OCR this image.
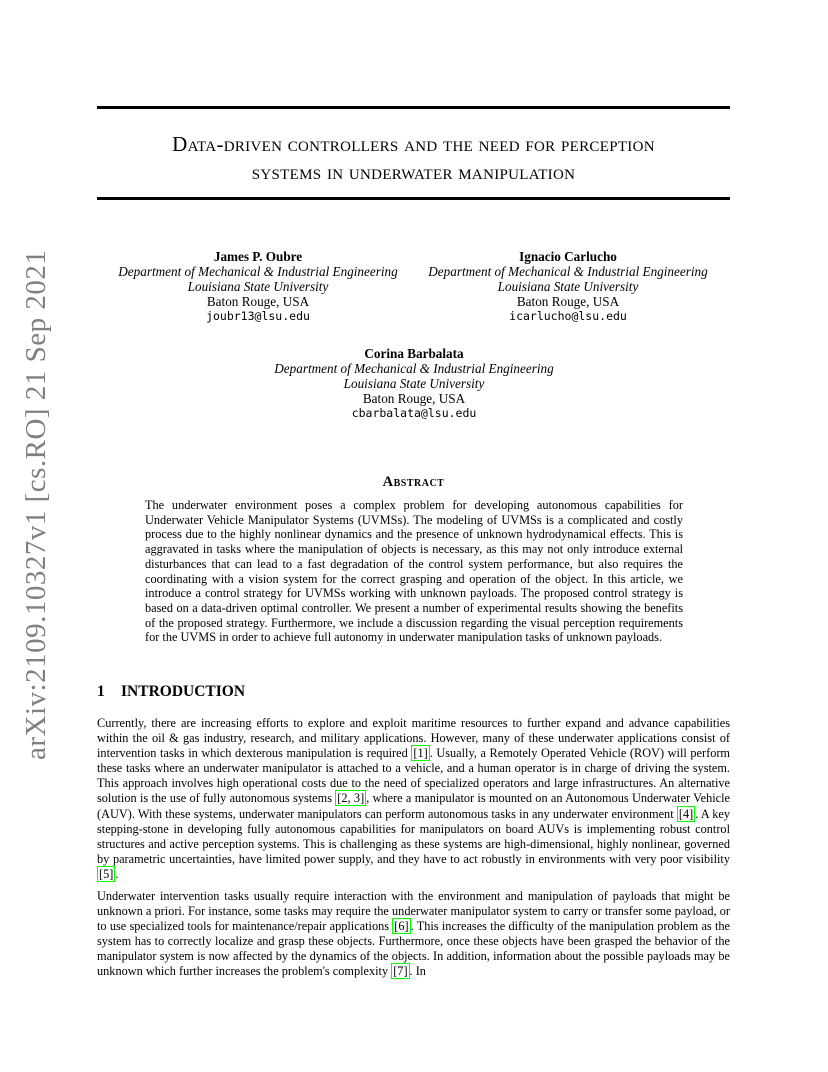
Data-driven controllers and the need for perception
systems in underwater manipulation
James P. Oubre
Department of Mechanical & Industrial Engineering
Louisiana State University
Baton Rouge, USA
joubr13@lsu.edu
Ignacio Carlucho
Department of Mechanical & Industrial Engineering
Louisiana State University
Baton Rouge, USA
icarlucho@lsu.edu
Corina Barbalata
Department of Mechanical & Industrial Engineering
Louisiana State University
Baton Rouge, USA
cbarbalata@lsu.edu
Abstract

The underwater environment poses a complex problem for developing autonomous capabilities for Underwater Vehicle Manipulator Systems (UVMSs). The modeling of UVMSs is a complicated and costly process due to the highly nonlinear dynamics and the presence of unknown hydrodynamical effects. This is aggravated in tasks where the manipulation of objects is necessary, as this may not only introduce external disturbances that can lead to a fast degradation of the control system performance, but also requires the coordinating with a vision system for the correct grasping and operation of the object. In this article, we introduce a control strategy for UVMSs working with unknown payloads. The proposed control strategy is based on a data-driven optimal controller. We present a number of experimental results showing the benefits of the proposed strategy. Furthermore, we include a discussion regarding the visual perception requirements for the UVMS in order to achieve full autonomy in underwater manipulation tasks of unknown payloads.

1 INTRODUCTION

Currently, there are increasing efforts to explore and exploit maritime resources to further expand and advance capabilities within the oil & gas industry, research, and military applications. However, many of these underwater applications consist of intervention tasks in which dexterous manipulation is required [1] . Usually, a Remotely Operated Vehicle (ROV) will perform these tasks where an underwater manipulator is attached to a vehicle, and a human operator is in charge of driving the system. This approach involves high operational costs due to the need of specialized operators and large infrastructures. An alternative solution is the use of fully autonomous systems [2, 3] , where a manipulator is mounted on an Autonomous Underwater Vehicle (AUV). With these systems, underwater manipulators can perform autonomous tasks in any underwater environment [4] . A key stepping-stone in developing fully autonomous capabilities for manipulators on board AUVs is implementing robust control structures and active perception systems. This is challenging as these systems are high-dimensional, highly nonlinear, governed by parametric uncertainties, have limited power supply, and they have to act robustly in environments with very poor visibility [5] .

Underwater intervention tasks usually require interaction with the environment and manipulation of payloads that might be unknown a priori. For instance, some tasks may require the underwater manipulator system to carry or transfer some payload, or to use specialized tools for maintenance/repair applications [6] . This increases the difficulty of the manipulation problem as the system has to correctly localize and grasp these objects. Furthermore, once these objects have been grasped the behavior of the manipulator system is now affected by the dynamics of the objects. In addition, information about the possible payloads may be unknown which further increases the problem's complexity [7] . In

arXiv:2109.10327v1 [cs.RO] 21 Sep 2021
